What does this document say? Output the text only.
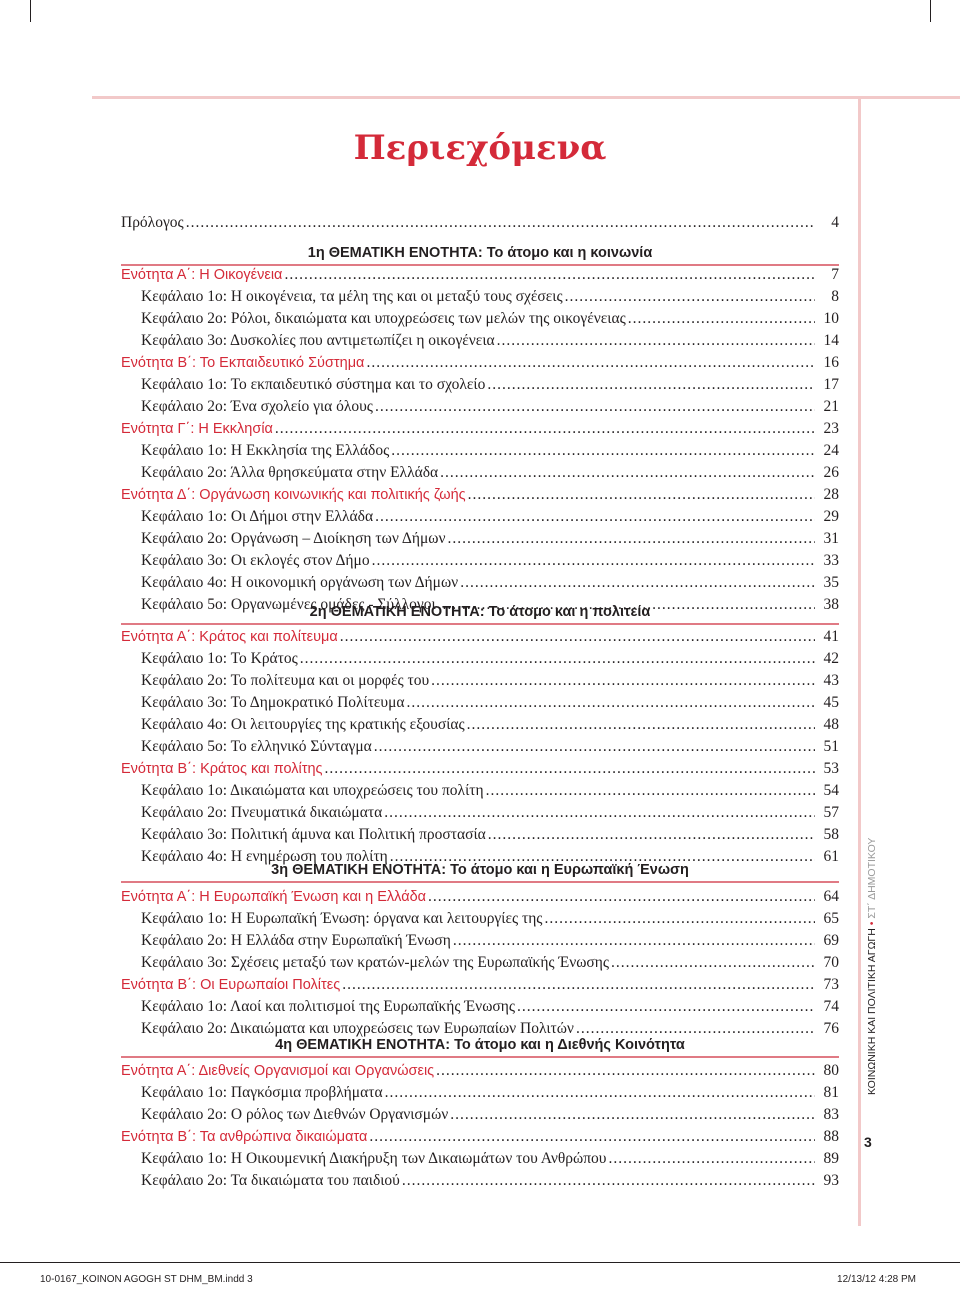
Περιεχόμενα
Πρόλογος .....	4
1η ΘΕΜΑΤΙΚΗ ΕΝΟΤΗΤΑ: Το άτομο και η κοινωνία
Ενότητα Α΄: Η Οικογένεια .....	7
Κεφάλαιο 1ο: Η οικογένεια, τα μέλη της και οι μεταξύ τους σχέσεις .....	8
Κεφάλαιο 2ο: Ρόλοι, δικαιώματα και υποχρεώσεις των μελών της οικογένειας .....	10
Κεφάλαιο 3ο: Δυσκολίες που αντιμετωπίζει η οικογένεια .....	14
Ενότητα Β΄: Το Εκπαιδευτικό Σύστημα .....	16
Κεφάλαιο 1ο: Το εκπαιδευτικό σύστημα και το σχολείο .....	17
Κεφάλαιο 2ο: Ένα σχολείο για όλους .....	21
Ενότητα Γ΄: Η Εκκλησία .....	23
Κεφάλαιο 1ο: Η Εκκλησία της Ελλάδος .....	24
Κεφάλαιο 2ο: Άλλα θρησκεύματα στην Ελλάδα .....	26
Ενότητα Δ΄: Οργάνωση κοινωνικής και πολιτικής ζωής .....	28
Κεφάλαιο 1ο: Οι Δήμοι στην Ελλάδα .....	29
Κεφάλαιο 2ο: Οργάνωση – Διοίκηση των Δήμων .....	31
Κεφάλαιο 3ο: Οι εκλογές στον Δήμο .....	33
Κεφάλαιο 4ο: Η οικονομική οργάνωση των Δήμων .....	35
Κεφάλαιο 5ο: Οργανωμένες ομάδες - Σύλλογοι .....	38
2η ΘΕΜΑΤΙΚΗ ΕΝΟΤΗΤΑ: Το άτομο και η πολιτεία
Ενότητα Α΄: Κράτος και πολίτευμα .....	41
Κεφάλαιο 1ο: Το Κράτος .....	42
Κεφάλαιο 2ο: Το πολίτευμα και οι μορφές του .....	43
Κεφάλαιο 3ο: Το Δημοκρατικό Πολίτευμα .....	45
Κεφάλαιο 4ο: Οι λειτουργίες της κρατικής εξουσίας .....	48
Κεφάλαιο 5ο: Το ελληνικό Σύνταγμα .....	51
Ενότητα Β΄: Κράτος και πολίτης .....	53
Κεφάλαιο 1ο: Δικαιώματα και υποχρεώσεις του πολίτη .....	54
Κεφάλαιο 2ο: Πνευματικά δικαιώματα .....	57
Κεφάλαιο 3ο: Πολιτική άμυνα και Πολιτική προστασία .....	58
Κεφάλαιο 4ο: Η ενημέρωση του πολίτη .....	61
3η ΘΕΜΑΤΙΚΗ ΕΝΟΤΗΤΑ: Το άτομο και η Ευρωπαϊκή Ένωση
Ενότητα Α΄: Η Ευρωπαϊκή Ένωση και η Ελλάδα .....	64
Κεφάλαιο 1ο: Η Ευρωπαϊκή Ένωση: όργανα και λειτουργίες της .....	65
Κεφάλαιο 2ο: Η Ελλάδα στην Ευρωπαϊκή Ένωση .....	69
Κεφάλαιο 3ο: Σχέσεις μεταξύ των κρατών-μελών της Ευρωπαϊκής Ένωσης .....	70
Ενότητα Β΄: Οι Ευρωπαίοι Πολίτες .....	73
Κεφάλαιο 1ο: Λαοί και πολιτισμοί της Ευρωπαϊκής Ένωσης .....	74
Κεφάλαιο 2ο: Δικαιώματα και υποχρεώσεις των Ευρωπαίων Πολιτών .....	76
4η ΘΕΜΑΤΙΚΗ ΕΝΟΤΗΤΑ: Το άτομο και η Διεθνής Κοινότητα
Ενότητα Α΄: Διεθνείς Οργανισμοί και Οργανώσεις .....	80
Κεφάλαιο 1ο: Παγκόσμια προβλήματα .....	81
Κεφάλαιο 2ο: Ο ρόλος των Διεθνών Οργανισμών .....	83
Ενότητα Β΄: Τα ανθρώπινα δικαιώματα .....	88
Κεφάλαιο 1ο: Η Οικουμενική Διακήρυξη των Δικαιωμάτων του Ανθρώπου .....	89
Κεφάλαιο 2ο: Τα δικαιώματα του παιδιού .....	93
ΚΟΙΝΩΝΙΚΗ ΚΑΙ ΠΟΛΙΤΙΚΗ ΑΓΩΓΗ • ΣΤ΄ ΔΗΜΟΤΙΚΟΥ
3
10-0167_KOINON AGOGH ST DHM_BM.indd 3	12/13/12 4:28 PM
